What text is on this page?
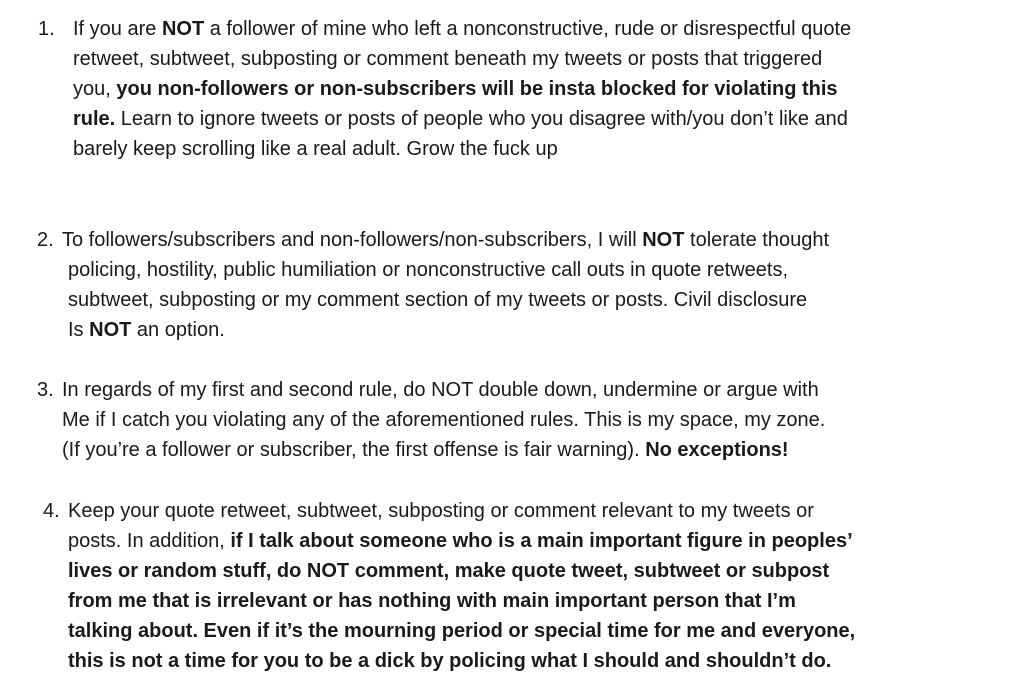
1. If you are NOT a follower of mine who left a nonconstructive, rude or disrespectful quote
retweet, subtweet, subposting or comment beneath my tweets or posts that triggered
you, you non-followers or non-subscribers will be insta blocked for violating this
rule. Learn to ignore tweets or posts of people who you disagree with/you don’t like and
barely keep scrolling like a real adult. Grow the fuck up
2. To followers/subscribers and non-followers/non-subscribers, I will NOT tolerate thought
policing, hostility, public humiliation or nonconstructive call outs in quote retweets,
subtweet, subposting or my comment section of my tweets or posts. Civil disclosure
Is NOT an option.
3. In regards of my first and second rule, do NOT double down, undermine or argue with
Me if I catch you violating any of the aforementioned rules. This is my space, my zone.
(If you’re a follower or subscriber, the first offense is fair warning). No exceptions!
4. Keep your quote retweet, subtweet, subposting or comment relevant to my tweets or
posts. In addition, if I talk about someone who is a main important figure in peoples’
lives or random stuff, do NOT comment, make quote tweet, subtweet or subpost
from me that is irrelevant or has nothing with main important person that I’m
talking about. Even if it’s the mourning period or special time for me and everyone,
this is not a time for you to be a dick by policing what I should and shouldn’t do.
